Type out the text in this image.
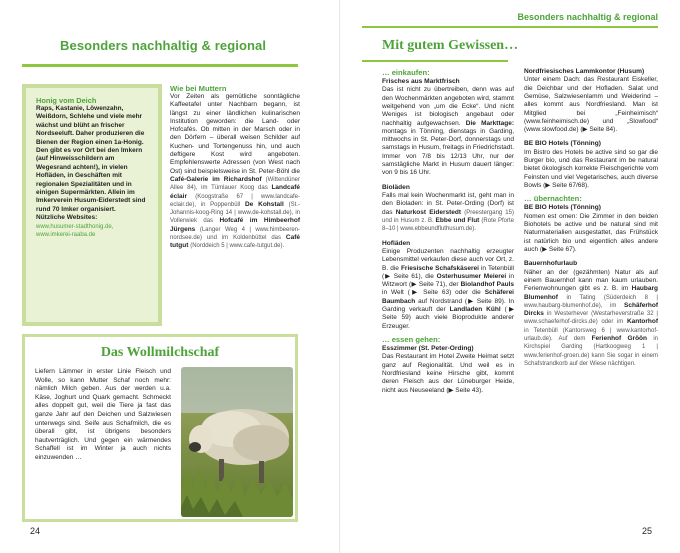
Besonders nachhaltig & regional
Honig vom Deich
Raps, Kastanie, Löwenzahn, Weißdorn, Schlehe und viele mehr wächst und blüht an frischer Nordseeluft. Daher produzieren die Bienen der Region einen 1a-Honig. Den gibt es vor Ort bei den Imkern (auf Hinweisschildern am Wegesrand achten!), in vielen Hofläden, in Geschäften mit regionalen Spezialitäten und in einigen Supermärkten. Allein im Imkerverein Husum-Eiderstedt sind rund 70 Imker organisiert.
Nützliche Websites:
www.husumer-stadthonig.de,
www.imkerei-raaba.de
Wie bei Muttern
Vor Zeiten als gemütliche sonntägliche Kaffeetafel unter Nachbarn begann, ist längst zu einer ländlichen kulinarischen Institution geworden: die Land- oder Hofcafés. Ob mitten in der Marsch oder in den Dörfern – überall weisen Schilder auf Kuchen- und Tortengenuss hin, und auch deftigere Kost wird angeboten. Empfehlenswerte Adressen (von West nach Ost) sind beispielsweise in St. Peter-Böhl die Café-Galerie im Richardshof (Wittendüner Allee 84), im Tümlauer Koog das Landcafé éclair (Koogstraße 67 | www.landcafe-eclair.de), in Poppenbüll De Kohstall (St.-Johannis-koog-Ring 14 | www.de-kohstall.de), in Vollerwiek das Hofcafé im Himbeerhof Jürgens (Langer Weg 4 | www.himbeeren-nordsee.de) und im Koldenbüttel das Café tutgut (Norddeich 5 | www.cafe-tutgut.de).
Das Wollmilchschaf
Liefern Lämmer in erster Linie Fleisch und Wolle, so kann Mutter Schaf noch mehr: nämlich Milch geben. Aus der werden u.a. Käse, Joghurt und Quark gemacht. Schmeckt alles doppelt gut, weil die Tiere ja fast das ganze Jahr auf den Deichen und Salzwiesen unterwegs sind. Seife aus Schafmilch, die es überall gibt, ist übrigens besonders hautverträglich. Und gegen ein wärmendes Schaffell ist im Winter ja auch nichts einzuwenden …
24
Besonders nachhaltig & regional
Mit gutem Gewissen…
… einkaufen:
Frisches aus Marktfrisch
Das ist nicht zu übertreiben, denn was auf den Wochenmärkten angeboten wird, stammt weitgehend von „um die Ecke“. Und nicht Weniges ist biologisch angebaut oder nachhaltig aufgewachsen. Die Markttage: montags in Tönning, dienstags in Garding, mittwochs in St. Peter-Dorf, donnerstags und samstags in Husum, freitags in Friedrichstadt. Immer von 7/8 bis 12/13 Uhr, nur der samstägliche Markt in Husum dauert länger: von 9 bis 16 Uhr.
Bioläden
Falls mal kein Wochenmarkt ist, geht man in den Bioladen: in St. Peter-Ording (Dorf) ist das Naturkost Eiderstedt (Preestergang 15) und in Husum z. B. Ebbe und Flut (Rote Pforte 8–10 | www.ebbeundfluthusum.de).
Hofläden
Einige Produzenten nachhaltig erzeugter Lebensmittel verkaufen diese auch vor Ort, z. B. die Friesische Schafskäserei in Tetenbüll (▶ Seite 61), die Osterhusumer Meierei in Witzwort (▶ Seite 71), der Biolandhof Pauls in Welt (▶ Seite 63) oder die Schäferei Baumbach auf Nordstrand (▶ Seite 89). In Garding verkauft der Landladen Kühl (▶ Seite 59) auch viele Bioprodukte anderer Erzeuger.
… essen gehen:
Esszimmer (St. Peter-Ording)
Das Restaurant im Hotel Zweite Heimat setzt ganz auf Regionalität. Und weil es in Nordfriesland keine Hirsche gibt, kommt deren Fleisch aus der Lüneburger Heide, nicht aus Neuseeland (▶ Seite 43).
Nordfriesisches Lammkontor (Husum)
Unter einem Dach: das Restaurant Eiskeller, die Deichbar und der Hofladen. Salat und Gemüse, Salzwiesenlamm und Weiderind – alles kommt aus Nordfriesland. Man ist Mitglied bei „Feinheimisch“ (www.feinheimisch.de) und „Slowfood“ (www.slowfood.de) (▶ Seite 84).
BE BIO Hotels (Tönning)
Im Bistro des Hotels be active sind so gar die Burger bio, und das Restaurant im be natural bietet ökologisch korrekte Fleischgerichte vom Feinsten und viel Vegetarisches, auch diverse Bowls (▶ Seite 67/68).
… übernachten:
BE BIO Hotels (Tönning)
Nomen est omen: Die Zimmer in den beiden Biohotels be active und be natural sind mit Naturmaterialien ausgestattet, das Frühstück ist natürlich bio und eigentlich alles andere auch (▶ Seite 67).
Bauernhofurlaub
Näher an der (gezähmten) Natur als auf einem Bauernhof kann man kaum urlauben. Ferienwohnungen gibt es z. B. im Haubarg Blumenhof in Tating (Süderdeich 8 | www.haubarg-blumenhof.de), im Schäferhof Dircks in Westerhever (Westarheverstraße 32 | www.schaeferhof-dircks.de) oder im Kantorhof in Tetenbüll (Kantorsweg 6 | www.kantorhof-urlaub.de). Auf dem Ferienhof Gröön in Kirchspiel Garding (Hartkoogweg 1 | www.ferienhof-groen.de) kann Sie sogar in einem Schafstrandkorb auf der Wiese nächtigen.
25
